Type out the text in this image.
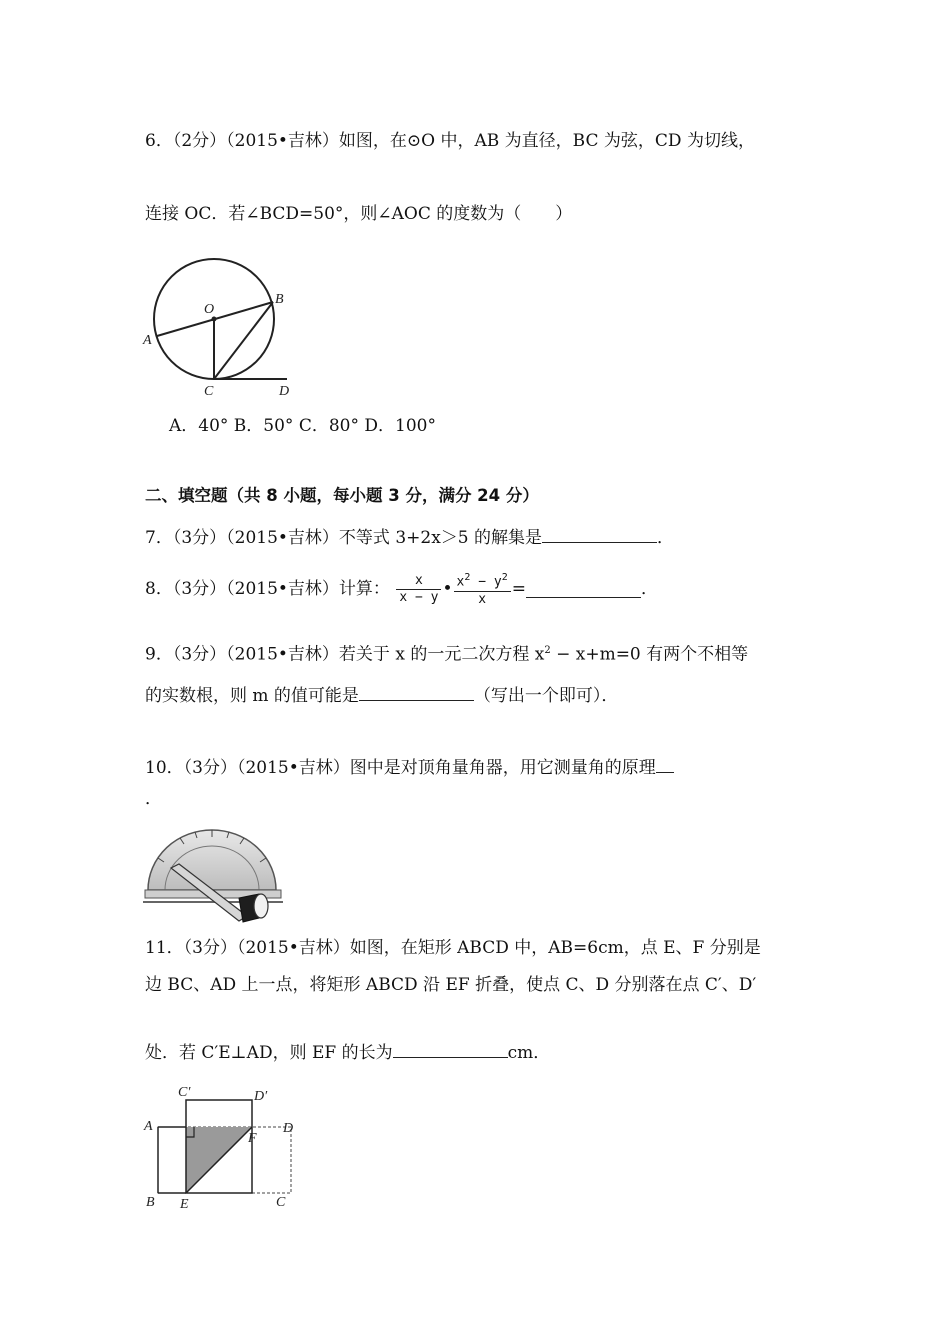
6．（2分）（2015•吉林）如图，在⊙O 中，AB 为直径，BC 为弦，CD 为切线，
连接 OC．若∠BCD=50°，则∠AOC 的度数为（　　）
O
A
B
C	D
A．40° B．50° C．80° D．100°
二、填空题（共 8 小题，每小题 3 分，满分 24 分）
7．（3分）（2015•吉林）不等式 3+2x＞5 的解集是	．
8．（3分）（2015•吉林）计算： $\frac{x}{x - y}$ • $\frac{x^2 - y^2}{x}$ =	．
9．（3分）（2015•吉林）若关于 x 的一元二次方程 $x^2 - x+m=0$ 有两个不相等
的实数根，则 m 的值可能是	（写出一个即可）．
10．（3分）（2015•吉林）图中是对顶角量角器，用它测量角的原理
．
11．（3分）（2015•吉林）如图，在矩形 ABCD 中，AB=6cm，点 E、F 分别是
边 BC、AD 上一点，将矩形 ABCD 沿 EF 折叠，使点 C、D 分别落在点 C′、D′
处．若 C′E⊥AD，则 EF 的长为	cm．
C′	D′
A	D
F
B E	C
